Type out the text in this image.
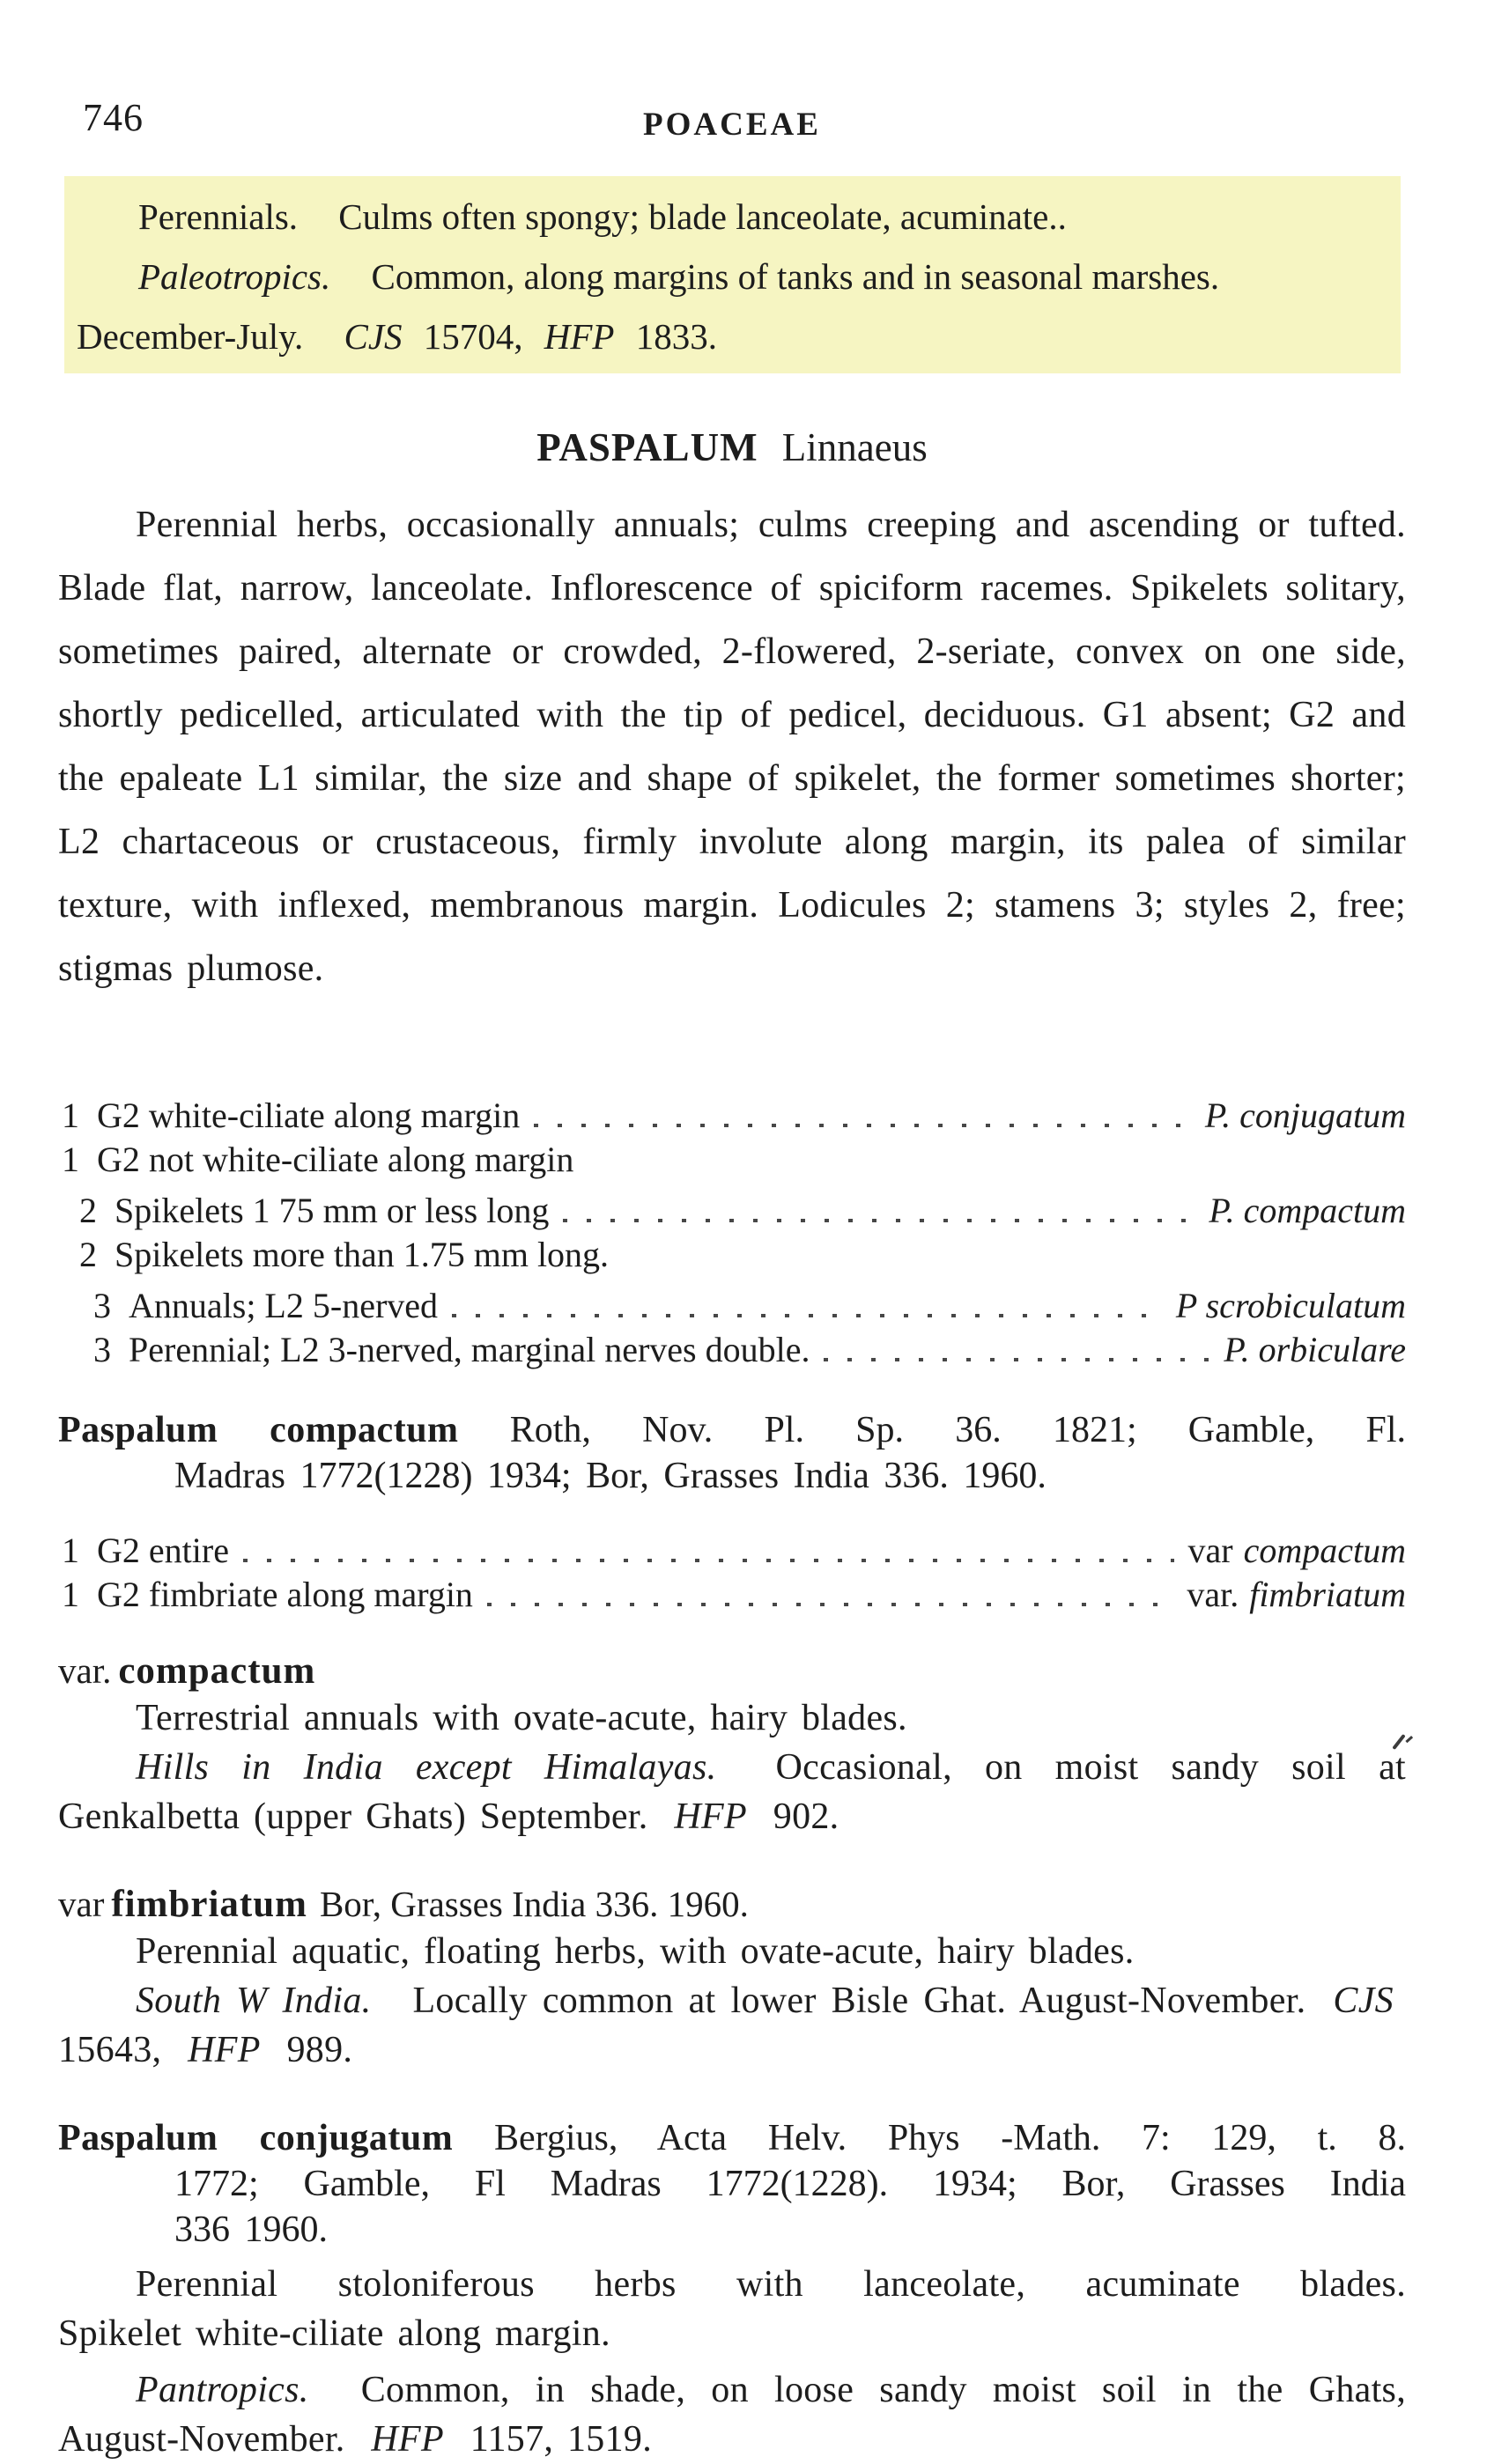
746	POACEAE
Perennials. Culms often spongy; blade lanceolate, acuminate..
Paleotropics. Common, along margins of tanks and in seasonal marshes.
December-July. CJS 15704, HFP 1833.
PASPALUM Linnaeus
Perennial herbs, occasionally annuals; culms creeping and ascending or tufted. Blade flat, narrow, lanceolate. Inflorescence of spiciform racemes. Spikelets solitary, sometimes paired, alternate or crowded, 2-flowered, 2-seriate, convex on one side, shortly pedicelled, articulated with the tip of pedicel, deciduous. G1 absent; G2 and the epaleate L1 similar, the size and shape of spikelet, the former sometimes shorter; L2 chartaceous or crustaceous, firmly involute along margin, its palea of similar texture, with inflexed, membranous margin. Lodicules 2; stamens 3; styles 2, free; stigmas plumose.
1 G2 white-ciliate along margin	P. conjugatum
1 G2 not white-ciliate along margin
2 Spikelets 1 75 mm or less long	P. compactum
2 Spikelets more than 1.75 mm long.
3 Annuals; L2 5-nerved	P scrobiculatum
3 Perennial; L2 3-nerved, marginal nerves double.	P. orbiculare
Paspalum compactum Roth, Nov. Pl. Sp. 36. 1821; Gamble, Fl.
Madras 1772(1228) 1934; Bor, Grasses India 336. 1960.
1 G2 entire	var compactum
1 G2 fimbriate along margin	var. fimbriatum
var. compactum
Terrestrial annuals with ovate-acute, hairy blades.
Hills in India except Himalayas. Occasional, on moist sandy soil at Genkalbetta (upper Ghats) September. HFP 902.
var fimbriatum Bor, Grasses India 336. 1960.
Perennial aquatic, floating herbs, with ovate-acute, hairy blades.
South W India. Locally common at lower Bisle Ghat. August-November. CJS 15643, HFP 989.
Paspalum conjugatum Bergius, Acta Helv. Phys -Math. 7: 129, t. 8.
1772; Gamble, Fl Madras 1772(1228). 1934; Bor, Grasses India
336 1960.
Perennial stoloniferous herbs with lanceolate, acuminate blades.
Spikelet white-ciliate along margin.
Pantropics. Common, in shade, on loose sandy moist soil in the Ghats, August-November. HFP 1157, 1519.
